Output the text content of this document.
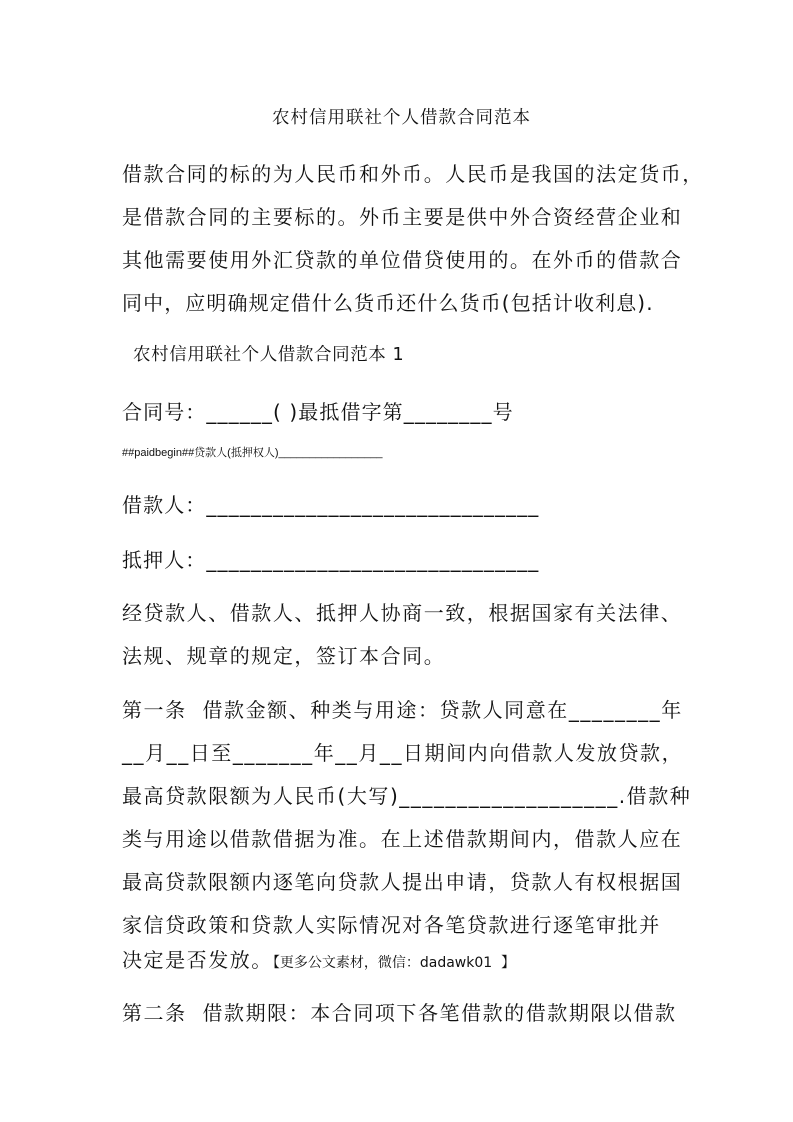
农村信用联社个人借款合同范本
借款合同的标的为人民币和外币。人民币是我国的法定货币，
是借款合同的主要标的。外币主要是供中外合资经营企业和
其他需要使用外汇贷款的单位借贷使用的。在外币的借款合
同中，应明确规定借什么货币还什么货币(包括计收利息).
农村信用联社个人借款合同范本 1
合同号：______( )最抵借字第________号
##paidbegin##贷款人(抵押权人)_________________
借款人：______________________________
抵押人：______________________________
经贷款人、借款人、抵押人协商一致，根据国家有关法律、
法规、规章的规定，签订本合同。
第一条  借款金额、种类与用途：贷款人同意在________年
__月__日至_______年__月__日期间内向借款人发放贷款，
最高贷款限额为人民币(大写)___________________.借款种
类与用途以借款借据为准。在上述借款期间内，借款人应在
最高贷款限额内逐笔向贷款人提出申请，贷款人有权根据国
家信贷政策和贷款人实际情况对各笔贷款进行逐笔审批并
决定是否发放。【更多公文素材，微信：dadawk01  】
第二条  借款期限：本合同项下各笔借款的借款期限以借款
